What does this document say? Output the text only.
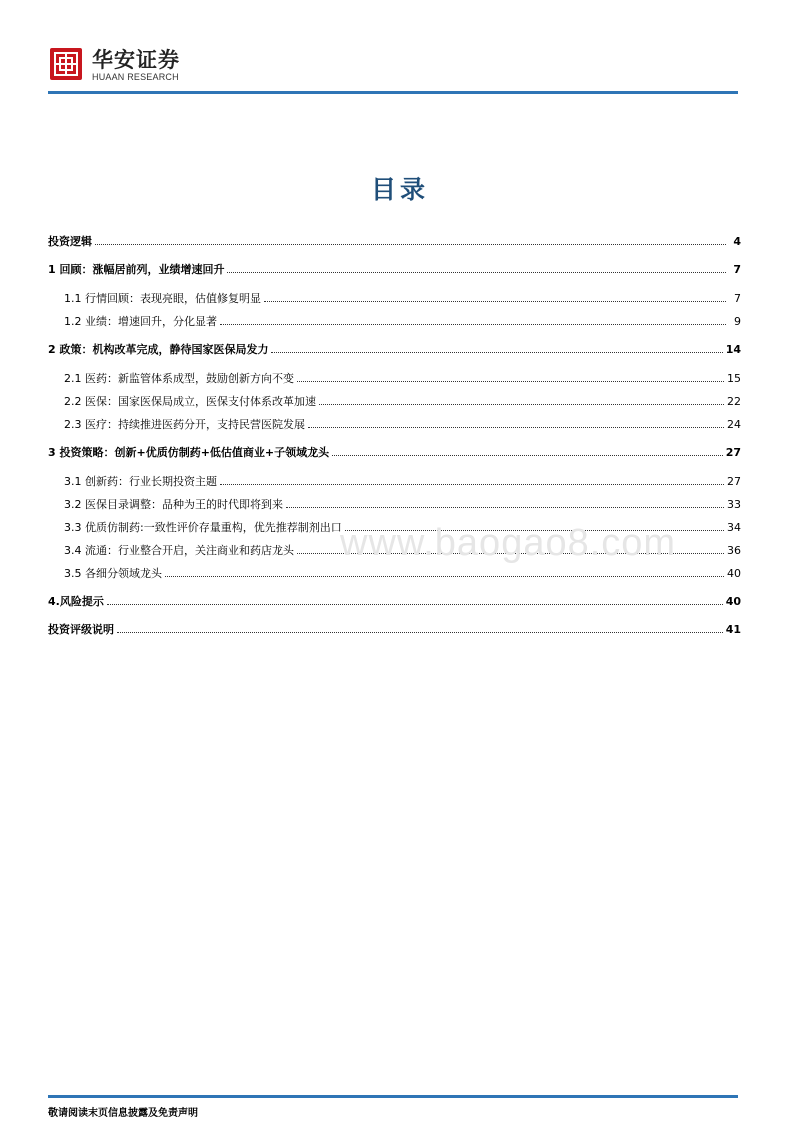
华安证券
HUAAN RESEARCH
目录
投资逻辑	4
1 回顾：涨幅居前列，业绩增速回升	7
1.1 行情回顾：表现亮眼，估值修复明显	7
1.2 业绩：增速回升，分化显著	9
2 政策：机构改革完成，静待国家医保局发力	14
2.1 医药：新监管体系成型，鼓励创新方向不变	15
2.2 医保：国家医保局成立，医保支付体系改革加速	22
2.3 医疗：持续推进医药分开，支持民营医院发展	24
3 投资策略：创新+优质仿制药+低估值商业+子领域龙头	27
3.1 创新药：行业长期投资主题	27
3.2 医保目录调整：品种为王的时代即将到来	33
3.3 优质仿制药:一致性评价存量重构，优先推荐制剂出口	34
3.4 流通：行业整合开启，关注商业和药店龙头	36
3.5 各细分领域龙头	40
4.风险提示	40
投资评级说明	41
www.baogao8.com
敬请阅读末页信息披露及免责声明
